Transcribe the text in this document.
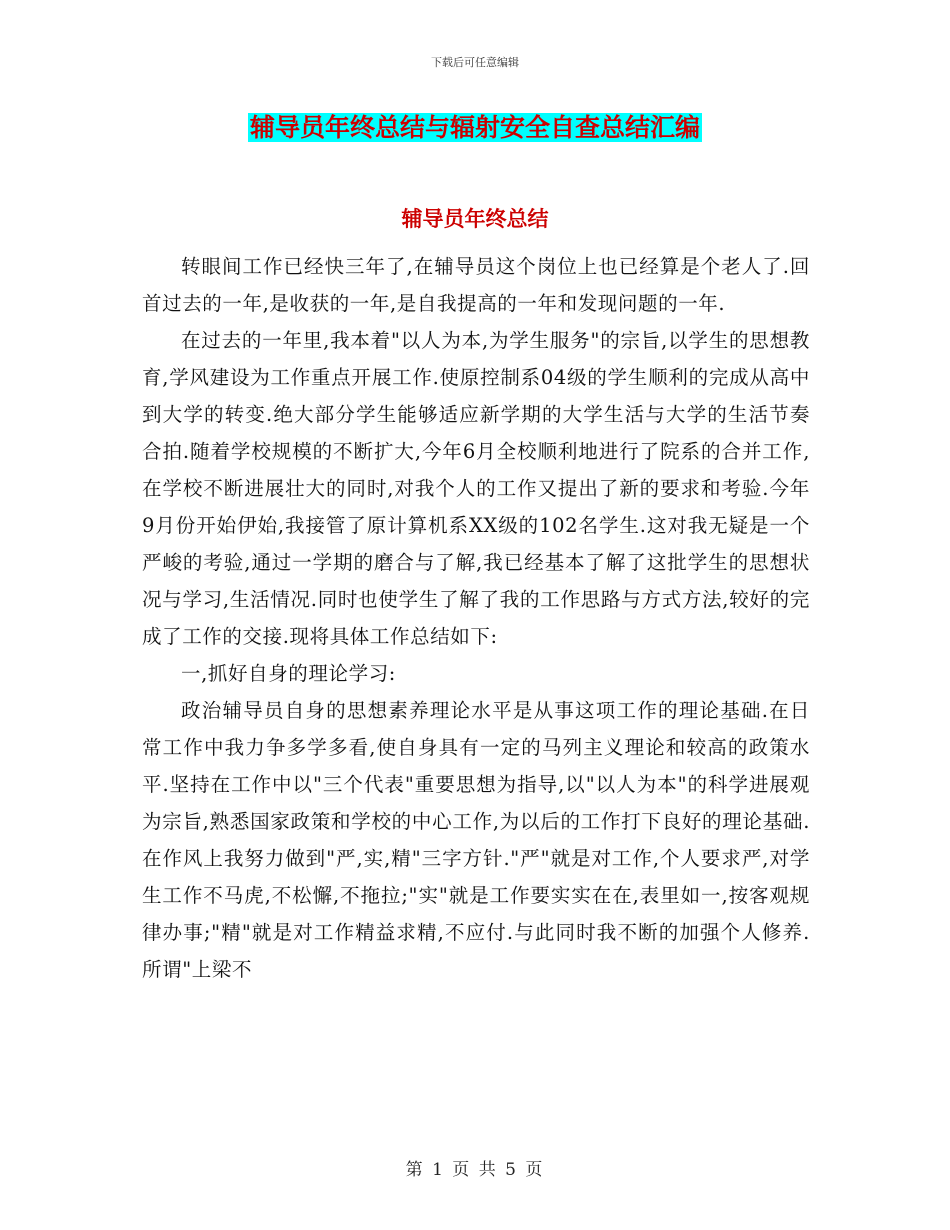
下载后可任意编辑
辅导员年终总结与辐射安全自查总结汇编
辅导员年终总结

转眼间工作已经快三年了,在辅导员这个岗位上也已经算是个老人了.回首过去的一年,是收获的一年,是自我提高的一年和发现问题的一年.

在过去的一年里,我本着"以人为本,为学生服务"的宗旨,以学生的思想教育,学风建设为工作重点开展工作.使原控制系04级的学生顺利的完成从高中到大学的转变.绝大部分学生能够适应新学期的大学生活与大学的生活节奏合拍.随着学校规模的不断扩大,今年6月全校顺利地进行了院系的合并工作,在学校不断进展壮大的同时,对我个人的工作又提出了新的要求和考验.今年9月份开始伊始,我接管了原计算机系XX级的102名学生.这对我无疑是一个严峻的考验,通过一学期的磨合与了解,我已经基本了解了这批学生的思想状况与学习,生活情况.同时也使学生了解了我的工作思路与方式方法,较好的完成了工作的交接.现将具体工作总结如下:

一,抓好自身的理论学习:

政治辅导员自身的思想素养理论水平是从事这项工作的理论基础.在日常工作中我力争多学多看,使自身具有一定的马列主义理论和较高的政策水平.坚持在工作中以"三个代表"重要思想为指导,以"以人为本"的科学进展观为宗旨,熟悉国家政策和学校的中心工作,为以后的工作打下良好的理论基础.在作风上我努力做到"严,实,精"三字方针."严"就是对工作,个人要求严,对学生工作不马虎,不松懈,不拖拉;"实"就是工作要实实在在,表里如一,按客观规律办事;"精"就是对工作精益求精,不应付.与此同时我不断的加强个人修养.所谓"上梁不

第 1 页 共 5 页
